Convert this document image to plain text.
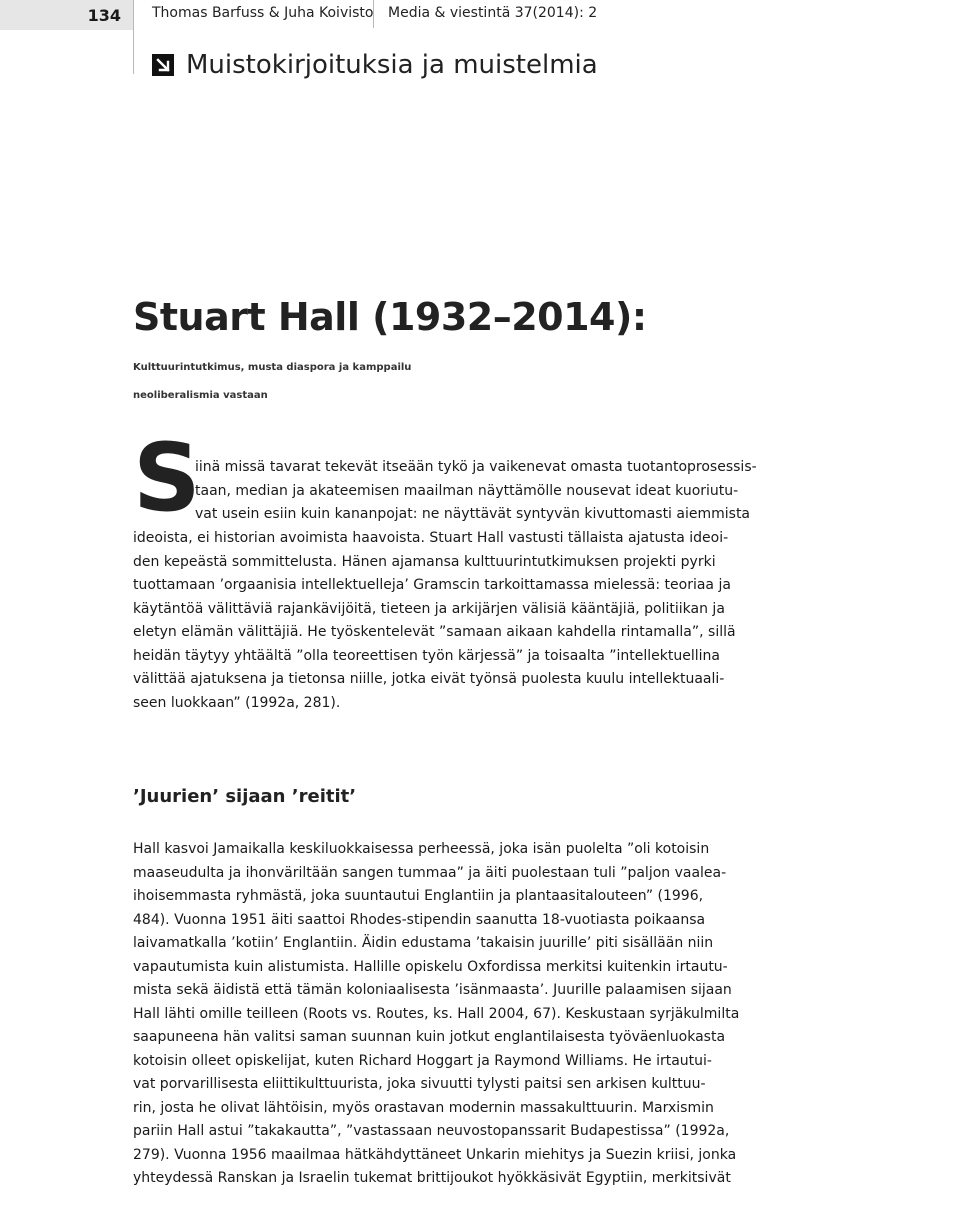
134	Thomas Barfuss & Juha Koivisto Media & viestintä 37(2014): 2
Muistokirjoituksia ja muistelmia
Stuart Hall (1932–2014):
Kulttuurintutkimus, musta diaspora ja kamppailu
neoliberalismia vastaan
S
iinä missä tavarat tekevät itseään tykö ja vaikenevat omasta tuotantoprosessis-
taan, median ja akateemisen maailman näyttämölle nousevat ideat kuoriutu-
vat usein esiin kuin kananpojat: ne näyttävät syntyvän kivuttomasti aiemmista
ideoista, ei historian avoimista haavoista. Stuart Hall vastusti tällaista ajatusta ideoi-
den kepeästä sommittelusta. Hänen ajamansa kulttuurintutkimuksen projekti pyrki
tuottamaan ’orgaanisia intellektuelleja’ Gramscin tarkoittamassa mielessä: teoriaa ja
käytäntöä välittäviä rajankävijöitä, tieteen ja arkijärjen välisiä kääntäjiä, politiikan ja
eletyn elämän välittäjiä. He työskentelevät ”samaan aikaan kahdella rintamalla”, sillä
heidän täytyy yhtäältä ”olla teoreettisen työn kärjessä” ja toisaalta ”intellektuellina
välittää ajatuksena ja tietonsa niille, jotka eivät työnsä puolesta kuulu intellektuaali-
seen luokkaan” (1992a, 281).
’Juurien’ sijaan ’reitit’
Hall kasvoi Jamaikalla keskiluokkaisessa perheessä, joka isän puolelta ”oli kotoisin
maaseudulta ja ihonväriltään sangen tummaa” ja äiti puolestaan tuli ”paljon vaalea-
ihoisemmasta ryhmästä, joka suuntautui Englantiin ja plantaasitalouteen” (1996,
484). Vuonna 1951 äiti saattoi Rhodes-stipendin saanutta 18-vuotiasta poikaansa
laivamatkalla ’kotiin’ Englantiin. Äidin edustama ’takaisin juurille’ piti sisällään niin
vapautumista kuin alistumista. Hallille opiskelu Oxfordissa merkitsi kuitenkin irtautu-
mista sekä äidistä että tämän koloniaalisesta ’isänmaasta’. Juurille palaamisen sijaan
Hall lähti omille teilleen (Roots vs. Routes, ks. Hall 2004, 67). Keskustaan syrjäkulmilta
saapuneena hän valitsi saman suunnan kuin jotkut englantilaisesta työväenluokasta
kotoisin olleet opiskelijat, kuten Richard Hoggart ja Raymond Williams. He irtautui-
vat porvarillisesta eliittikulttuurista, joka sivuutti tylysti paitsi sen arkisen kulttuu-
rin, josta he olivat lähtöisin, myös orastavan modernin massakulttuurin. Marxismin
pariin Hall astui ”takakautta”, ”vastassaan neuvostopanssarit Budapestissa” (1992a,
279). Vuonna 1956 maailmaa hätkähdyttäneet Unkarin miehitys ja Suezin kriisi, jonka
yhteydessä Ranskan ja Israelin tukemat brittijoukot hyökkäsivät Egyptiin, merkitsivät
